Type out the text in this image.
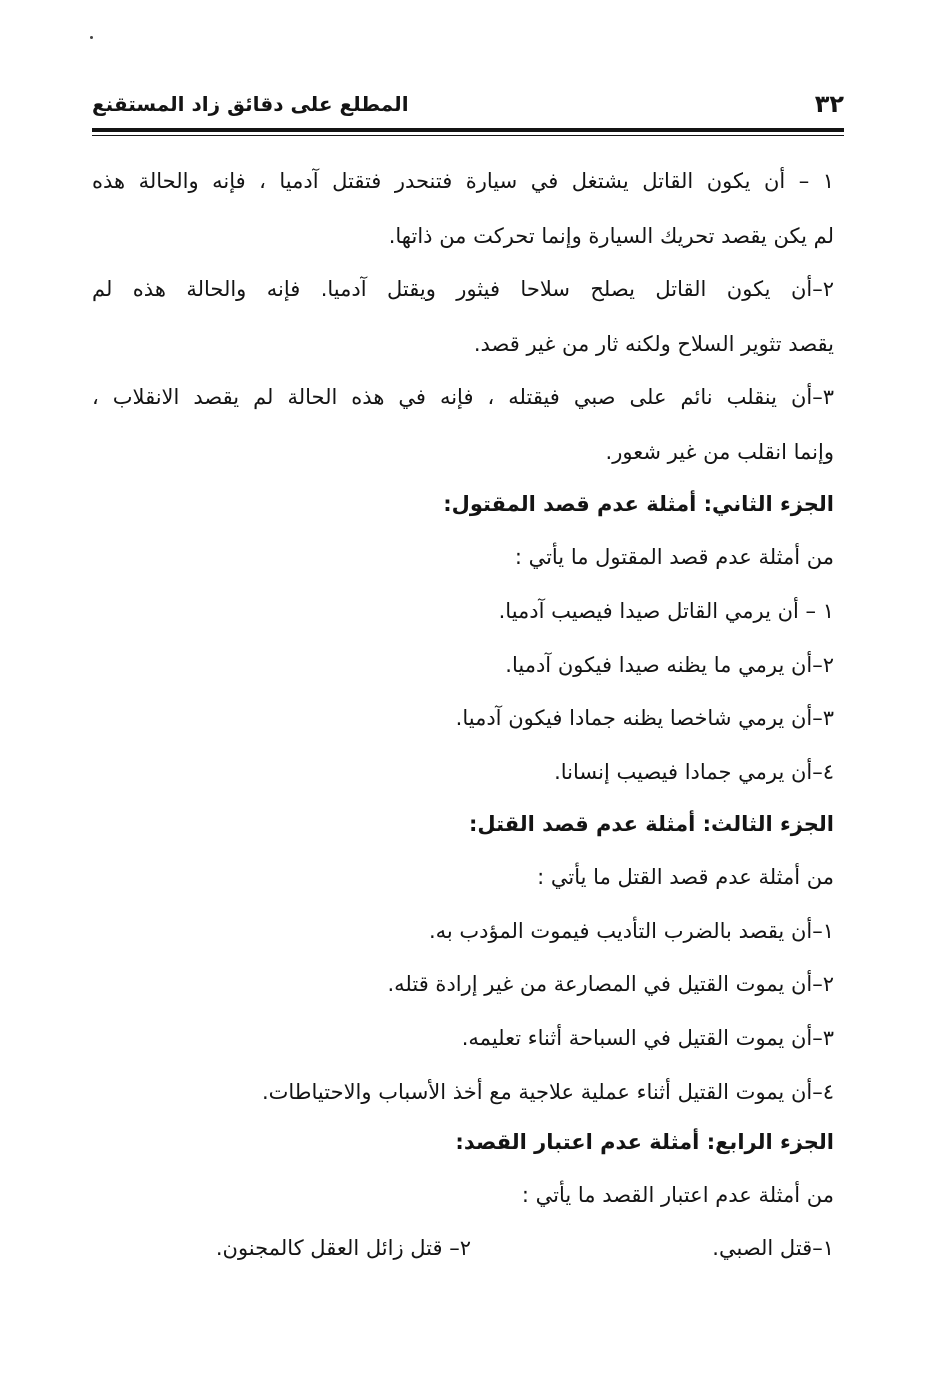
٣٢
المطلع على دقائق زاد المستقنع
١ – أن يكون القاتل يشتغل في سيارة فتنحدر فتقتل آدميا ، فإنه والحالة هذه
لم يكن يقصد تحريك السيارة وإنما تحركت من ذاتها.
٢–أن يكون القاتل يصلح سلاحا فيثور ويقتل آدميا. فإنه والحالة هذه لم
يقصد تثوير السلاح ولكنه ثار من غير قصد.
٣–أن ينقلب نائم على صبي فيقتله ، فإنه في هذه الحالة لم يقصد الانقلاب ،
وإنما انقلب من غير شعور.
الجزء الثاني: أمثلة عدم قصد المقتول:
من أمثلة عدم قصد المقتول ما يأتي :
١ – أن يرمي القاتل صيدا فيصيب آدميا.
٢–أن يرمي ما يظنه صيدا فيكون آدميا.
٣–أن يرمي شاخصا يظنه جمادا فيكون آدميا.
٤–أن يرمي جمادا فيصيب إنسانا.
الجزء الثالث: أمثلة عدم قصد القتل:
من أمثلة عدم قصد القتل ما يأتي :
١–أن يقصد بالضرب التأديب فيموت المؤدب به.
٢–أن يموت القتيل في المصارعة من غير إرادة قتله.
٣–أن يموت القتيل في السباحة أثناء تعليمه.
٤–أن يموت القتيل أثناء عملية علاجية مع أخذ الأسباب والاحتياطات.
الجزء الرابع: أمثلة عدم اعتبار القصد:
من أمثلة عدم اعتبار القصد ما يأتي :
١–قتل الصبي.
٢– قتل زائل العقل كالمجنون.
